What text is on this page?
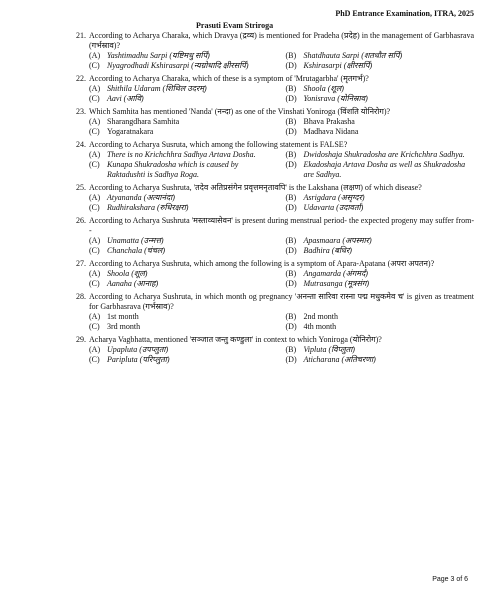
PhD Entrance Examination, ITRA, 2025
Prasuti Evam Striroga
21. According to Acharya Charaka, which Dravya (द्रव्य) is mentioned for Pradeha (प्रदेह) in the management of Garbhasrava (गर्भस्राव)?
(A) Yashtimadhu Sarpi (यष्टिमधु सर्पि)	(B) Shatdhauta Sarpi (शतधौत सर्पि)
(C) Nyagrodhadi Kshirasarpi (न्यग्रोधादि क्षीरसर्पि)	(D) Kshirasarpi (क्षीरसर्पि)
22. According to Acharya Charaka, which of these is a symptom of 'Mrutagarbha' (मृतगर्भ)?
(A) Shithila Udaram (शिथिल उदरम्)	(B) Shoola (शूल)
(C) Aavi (आवि)	(D) Yonisrava (योनिस्राव)
23. Which Samhita has mentioned 'Nanda' (नन्दा) as one of the Vinshati Yoniroga (विंशति योनिरोग)?
(A) Sharangdhara Samhita	(B) Bhava Prakasha
(C) Yogaratnakara	(D) Madhava Nidana
24. According to Acharya Susruta, which among the following statement is FALSE?
(A) There is no Krichchhra Sadhya Artava Dosha.	(B) Dwidoshaja Shukradosha are Krichchhra Sadhya.
(C) Kunapa Shukradosha which is caused by Raktadushti is Sadhya Roga.
(D) Ekadoshaja Artava Dosha as well as Shukradosha are Sadhya.
25. According to Acharya Sushruta, 'तदेव अतिप्रसंगेन प्रवृत्तमनृतावपि' is the Lakshana (लक्षण) of which disease?
(A) Atyananda (अत्यानंदा)	(B) Asrigdara (असृग्दर)
(C) Rudhiraksharа (रुधिरक्षरा)	(D) Udavarta (उदावर्ता)
26. According to Acharya Sushruta 'मस्ताव्यासेवन' is present during menstrual period- the expected progeny may suffer from--
(A) Unamatta (उन्मत्त)	(B) Apasmaara (अपस्मार)
(C) Chanchala (चंचल)	(D) Badhira (बधिर)
27. According to Acharya Sushruta, which among the following is a symptom of Apara-Apatana (अपरा अपतन)?
(A) Shoola (शूल)	(B) Angamarda (अंगमर्द)
(C) Aanaha (आनाह)	(D) Mutrasanga (मूत्रसंग)
28. According to Acharya Sushruta, in which month og pregnancy 'अनन्ता सारिवा रास्ना पद्म मधुकमेव च' is given as treatment for Garbhasrava (गर्भस्राव)?
(A) 1st month	(B) 2nd month
(C) 3rd month	(D) 4th month
29. Acharya Vagbhatta, mentioned 'सञ्जात जन्तु कण्डुला' in context to which Yoniroga (योनिरोग)?
(A) Upapluta (उपप्लुता)	(B) Vipluta (विप्लुता)
(C) Paripluta (परिप्लुता)	(D) Aticharana (अतिचरणा)
Page 3 of 6
